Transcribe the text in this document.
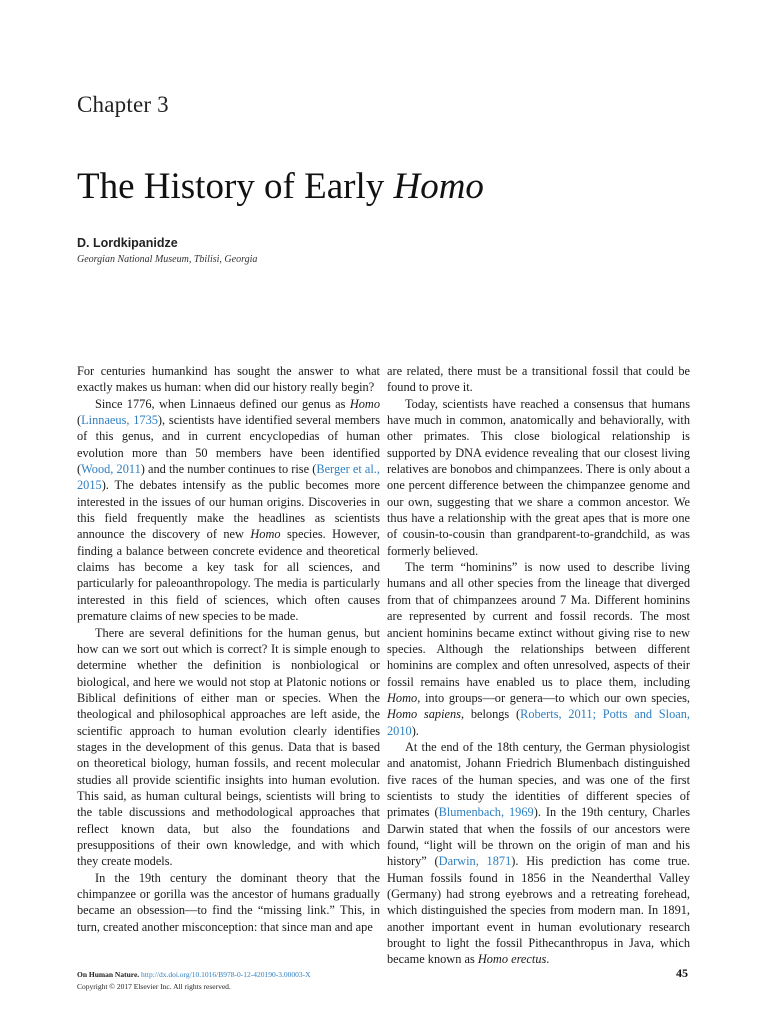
Chapter 3
The History of Early Homo
D. Lordkipanidze
Georgian National Museum, Tbilisi, Georgia

For centuries humankind has sought the answer to what exactly makes us human: when did our history really begin?

Since 1776, when Linnaeus defined our genus as Homo (Linnaeus, 1735), scientists have identified several members of this genus, and in current encyclopedias of human evolution more than 50 members have been identified (Wood, 2011) and the number continues to rise (Berger et al., 2015). The debates intensify as the public becomes more interested in the issues of our human origins. Discoveries in this field frequently make the headlines as scientists announce the discovery of new Homo species. However, finding a balance between concrete evidence and theoretical claims has become a key task for all sciences, and particularly for paleoanthropology. The media is particularly interested in this field of sciences, which often causes premature claims of new species to be made.

There are several definitions for the human genus, but how can we sort out which is correct? It is simple enough to determine whether the definition is nonbiological or biological, and here we would not stop at Platonic notions or Biblical definitions of either man or species. When the theological and philosophical approaches are left aside, the scientific approach to human evolution clearly identifies stages in the development of this genus. Data that is based on theoretical biology, human fossils, and recent molecular studies all provide scientific insights into human evolution. This said, as human cultural beings, scientists will bring to the table discussions and methodological approaches that reflect known data, but also the foundations and presuppositions of their own knowledge, and with which they create models.

In the 19th century the dominant theory that the chimpanzee or gorilla was the ancestor of humans gradually became an obsession—to find the “missing link.” This, in turn, created another misconception: that since man and ape

are related, there must be a transitional fossil that could be found to prove it.

Today, scientists have reached a consensus that humans have much in common, anatomically and behaviorally, with other primates. This close biological relationship is supported by DNA evidence revealing that our closest living relatives are bonobos and chimpanzees. There is only about a one percent difference between the chimpanzee genome and our own, suggesting that we share a common ancestor. We thus have a relationship with the great apes that is more one of cousin-to-cousin than grandparent-to-grandchild, as was formerly believed.

The term “hominins” is now used to describe living humans and all other species from the lineage that diverged from that of chimpanzees around 7 Ma. Different hominins are represented by current and fossil records. The most ancient hominins became extinct without giving rise to new species. Although the relationships between different hominins are complex and often unresolved, aspects of their fossil remains have enabled us to place them, including Homo, into groups—or genera—to which our own species, Homo sapiens, belongs (Roberts, 2011; Potts and Sloan, 2010).

At the end of the 18th century, the German physiologist and anatomist, Johann Friedrich Blumenbach distinguished five races of the human species, and was one of the first scientists to study the identities of different species of primates (Blumenbach, 1969). In the 19th century, Charles Darwin stated that when the fossils of our ancestors were found, “light will be thrown on the origin of man and his history” (Darwin, 1871). His prediction has come true. Human fossils found in 1856 in the Neanderthal Valley (Germany) had strong eyebrows and a retreating forehead, which distinguished the species from modern man. In 1891, another important event in human evolutionary research brought to light the fossil Pithecanthropus in Java, which became known as Homo erectus.

On Human Nature. http://dx.doi.org/10.1016/B978-0-12-420190-3.00003-X
Copyright © 2017 Elsevier Inc. All rights reserved.
45
